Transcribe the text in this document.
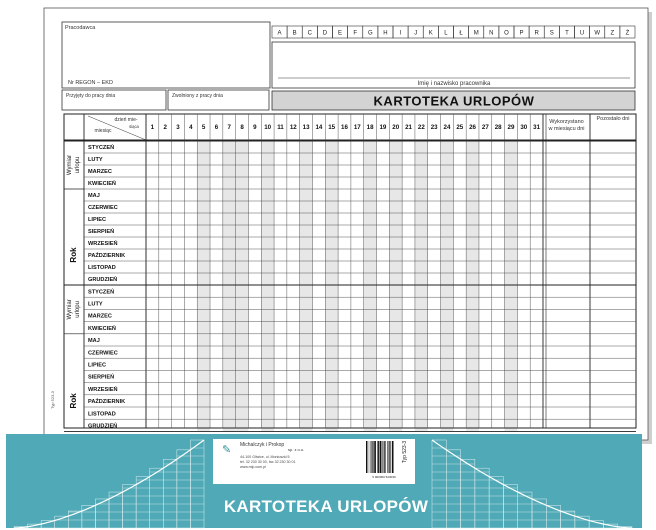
Pracodawca
Nr REGON – EKD
A B C D E F G H I J K L Ł M N O P R S T U W Z Ż
Imię i nazwisko pracownika
Przyjęty do pracy dnia	Zwolniony z pracy dnia	KARTOTEKA URLOPÓW
dzień mie-
siąca
miesiąc
Wykorzystano
w miesiącu dni
Pozostało dni
1 2 3 4 5 6 7 8 9 10 11 12 13 14 15 16 17 18 19 20 21 22 23 24 25 26 27 28 29 30 31
STYCZEŃ
LUTY
MARZEC
KWIECIEŃ
MAJ
CZERWIEC
LIPIEC
SIERPIEŃ
WRZESIEŃ
PAŹDZIERNIK
LISTOPAD
GRUDZIEŃ
Wymiar urlopu
Rok
STYCZEŃ
LUTY
MARZEC
KWIECIEŃ
MAJ
CZERWIEC
LIPIEC
SIERPIEŃ
WRZESIEŃ
PAŹDZIERNIK
LISTOPAD
GRUDZIEŃ
Wymiar urlopu
Rok
Typ 523-3
✎ Michalczyk i Prokop
sp. z o.o.
44-100 Gliwice, ul. Moniuszki 5
tel. 32 230 30 00, fax 32 230 30 01
www.mip.com.pl
5 900000 523030
Typ 523-3
KARTOTEKA URLOPÓW
